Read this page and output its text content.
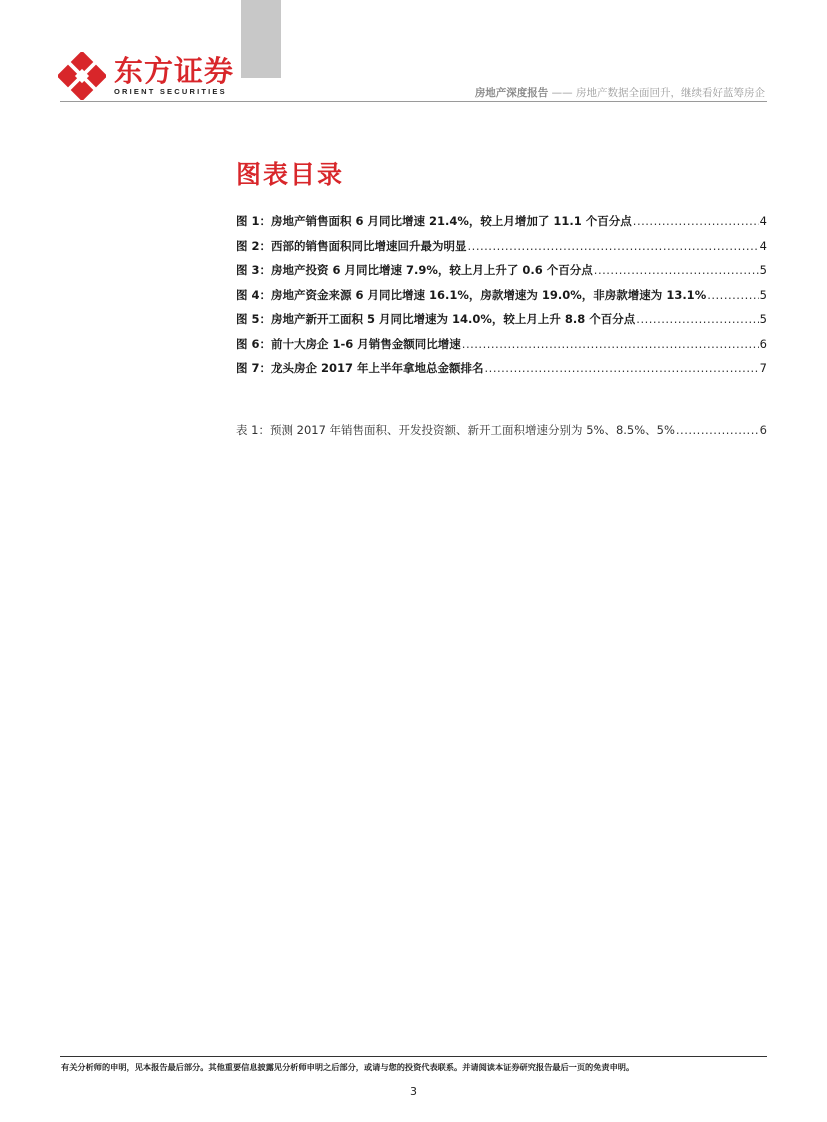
东方证券
ORIENT SECURITIES	房地产深度报告 —— 房地产数据全面回升，继续看好蓝筹房企
图表目录
图 1：房地产销售面积 6 月同比增速 21.4%，较上月增加了 11.1 个百分点 .....	4
图 2：西部的销售面积同比增速回升最为明显 .....	4
图 3：房地产投资 6 月同比增速 7.9%，较上月上升了 0.6 个百分点 .....	5
图 4：房地产资金来源 6 月同比增速 16.1%，房款增速为 19.0%，非房款增速为 13.1% .....	5
图 5：房地产新开工面积 5 月同比增速为 14.0%，较上月上升 8.8 个百分点 .....	5
图 6：前十大房企 1-6 月销售金额同比增速 .....	6
图 7：龙头房企 2017 年上半年拿地总金额排名 .....	7
表 1：预测 2017 年销售面积、开发投资额、新开工面积增速分别为 5%、8.5%、5% .....	6
有关分析师的申明，见本报告最后部分。其他重要信息披露见分析师申明之后部分，或请与您的投资代表联系。并请阅读本证券研究报告最后一页的免责申明。
3
